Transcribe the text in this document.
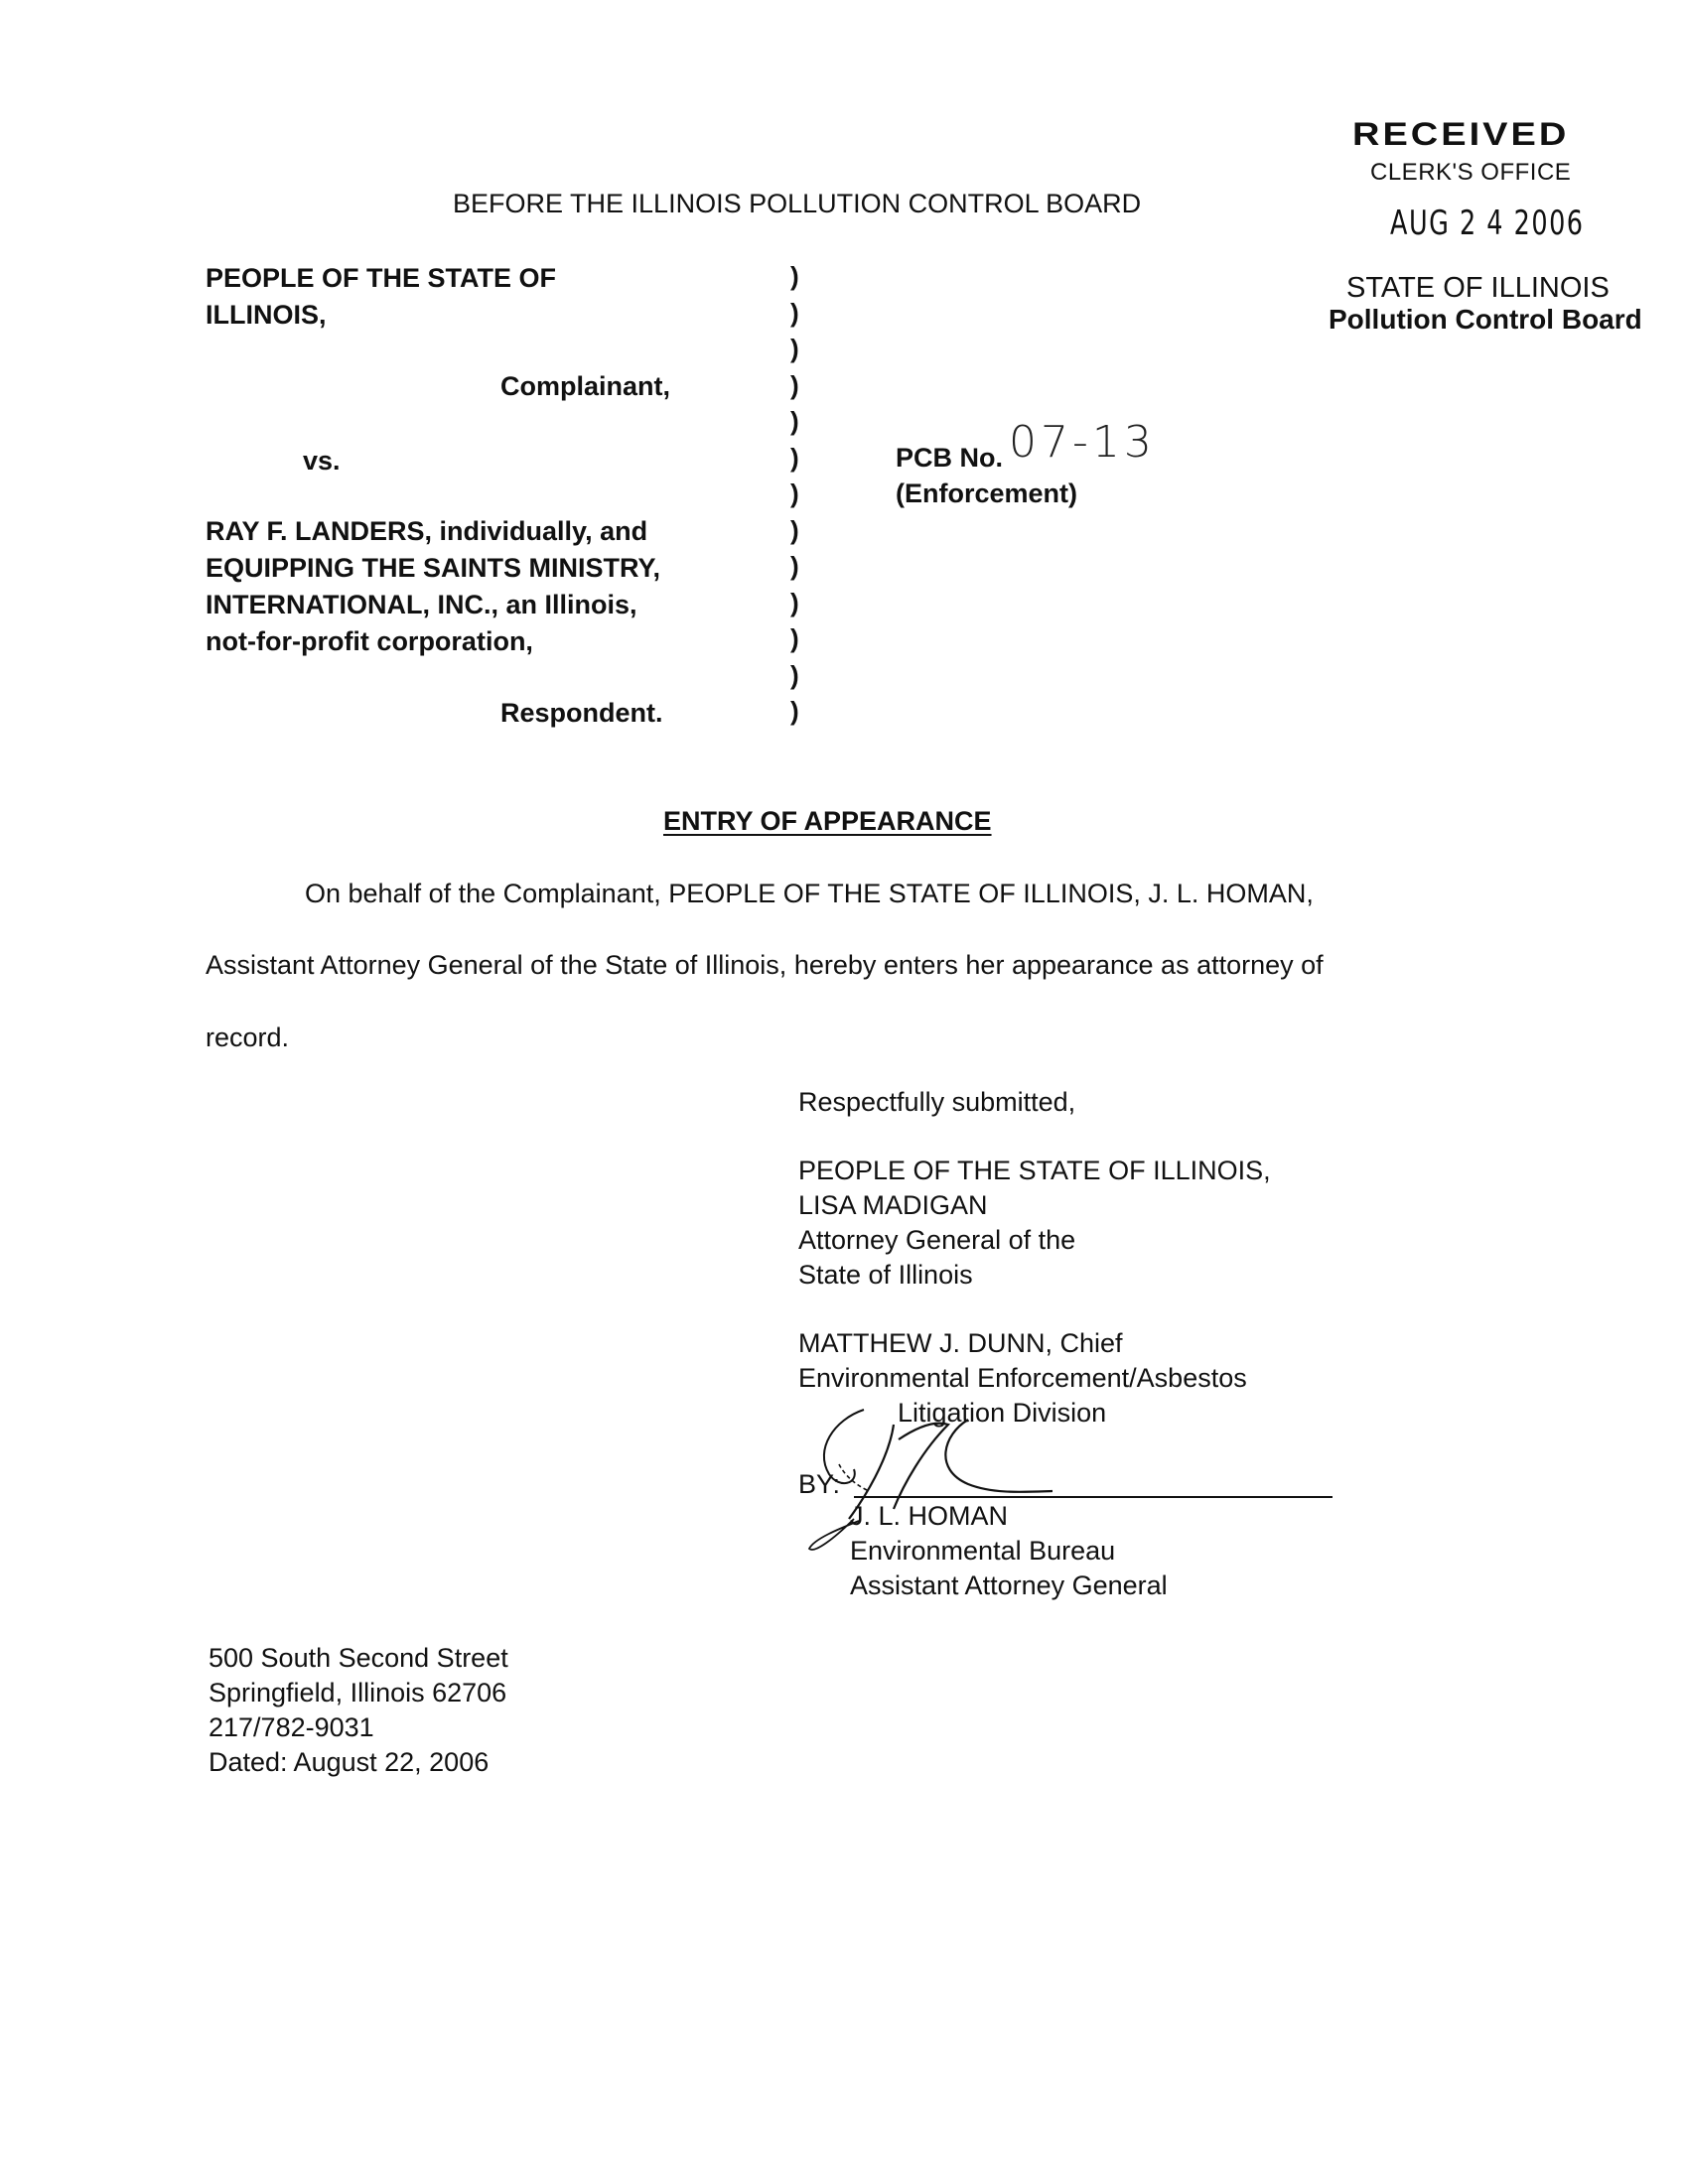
RECEIVED
CLERK'S OFFICE
AUG 2 4 2006
STATE OF ILLINOIS
Pollution Control Board
BEFORE THE ILLINOIS POLLUTION CONTROL BOARD
PEOPLE OF THE STATE OF
ILLINOIS,
Complainant,
vs.
RAY F. LANDERS, individually, and
EQUIPPING THE SAINTS MINISTRY,
INTERNATIONAL, INC., an Illinois,
not-for-profit corporation,
Respondent.
)
)
)
)
)
)
)
)
)
)
)
)
)
PCB No. 07-13
(Enforcement)
ENTRY OF APPEARANCE
On behalf of the Complainant, PEOPLE OF THE STATE OF ILLINOIS, J. L. HOMAN,
Assistant Attorney General of the State of Illinois, hereby enters her appearance as attorney of
record.
Respectfully submitted,
PEOPLE OF THE STATE OF ILLINOIS,
LISA MADIGAN
Attorney General of the
State of Illinois
MATTHEW J. DUNN, Chief
Environmental Enforcement/Asbestos
Litigation Division
BY:
J. L. HOMAN
Environmental Bureau
Assistant Attorney General
500 South Second Street
Springfield, Illinois 62706
217/782-9031
Dated: August 22, 2006
